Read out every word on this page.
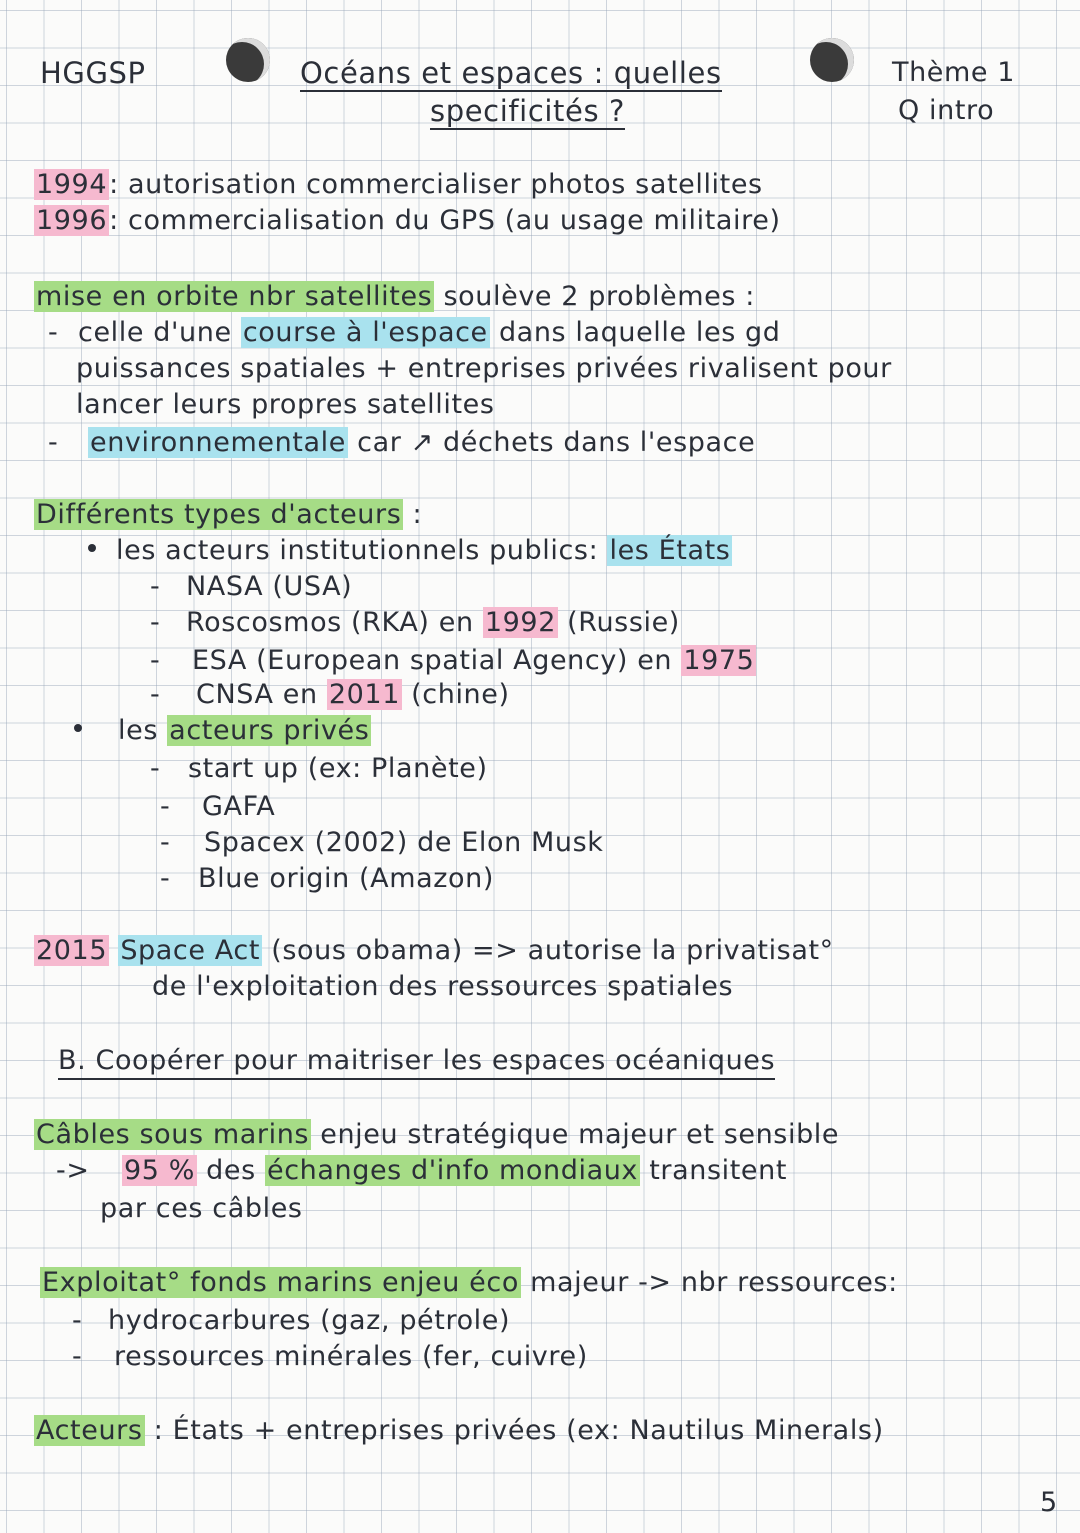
HGGSP	Océans et espaces : quelles
specificités ?
Thème 1
Q intro
1994: autorisation commercialiser photos satellites
1996: commercialisation du GPS (au usage militaire)
mise en orbite nbr satellites soulève 2 problèmes :
- celle d'une course à l'espace dans laquelle les gd
puissances spatiales + entreprises privées rivalisent pour
lancer leurs propres satellites
- environnementale car ↗ déchets dans l'espace
Différents types d'acteurs :
les acteurs institutionnels publics: les États
- NASA (USA)
- Roscosmos (RKA) en 1992 (Russie)
- ESA (European spatial Agency) en 1975
- CNSA en 2011 (chine)
les acteurs privés
- start up (ex: Planète)
- GAFA
- Spacex (2002) de Elon Musk
- Blue origin (Amazon)
2015 Space Act (sous obama) => autorise la privatisat°
de l'exploitation des ressources spatiales
B. Coopérer pour maitriser les espaces océaniques
Câbles sous marins enjeu stratégique majeur et sensible
-> 95 % des échanges d'info mondiaux transitent
par ces câbles
Exploitat° fonds marins enjeu éco majeur -> nbr ressources:
- hydrocarbures (gaz, pétrole)
- ressources minérales (fer, cuivre)
Acteurs : États + entreprises privées (ex: Nautilus Minerals)
5
